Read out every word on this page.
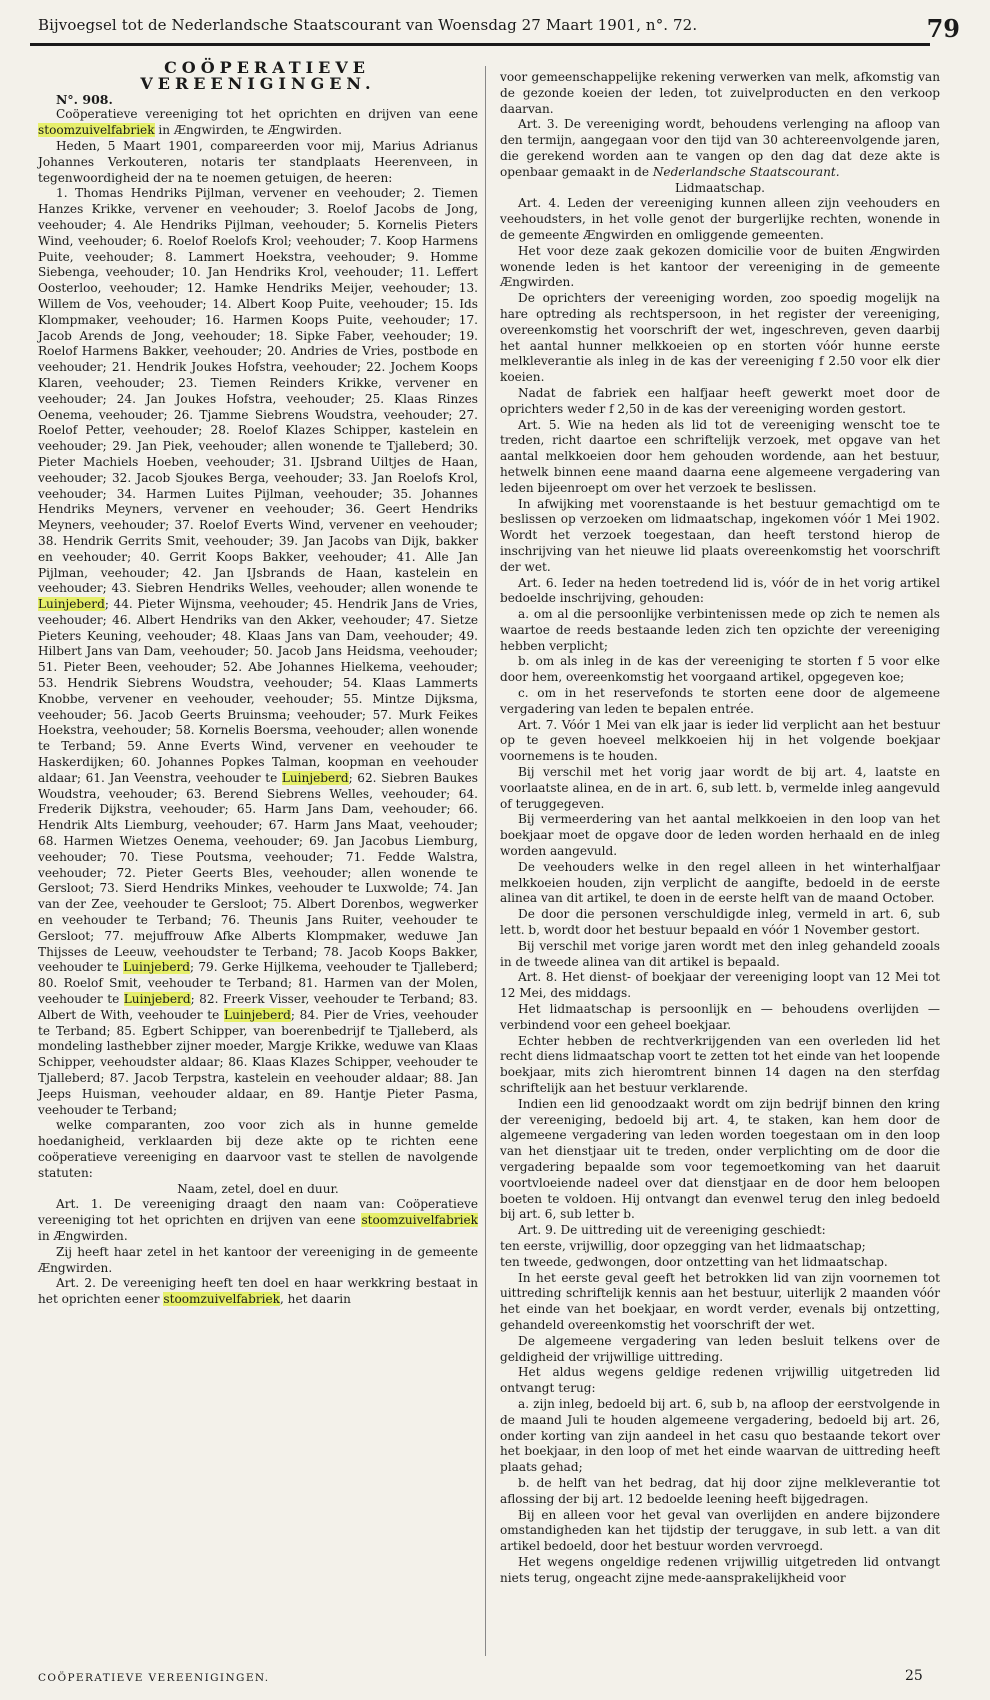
Bijvoegsel tot de Nederlandsche Staatscourant van Woensdag 27 Maart 1901, n°. 72.	79

COÖPERATIEVE VEREENIGINGEN.

N°. 908.

Coöperatieve vereeniging tot het oprichten en drijven van eene stoomzuivelfabriek in Ængwirden, te Ængwirden.

Heden, 5 Maart 1901, compareerden voor mij, Marius Adrianus Johannes Verkouteren, notaris ter standplaats Heerenveen, in tegenwoordigheid der na te noemen getuigen, de heeren:

1. Thomas Hendriks Pijlman, vervener en veehouder; 2. Tiemen Hanzes Krikke, vervener en veehouder; 3. Roelof Jacobs de Jong, veehouder; 4. Ale Hendriks Pijlman, veehouder; 5. Kornelis Pieters Wind, veehouder; 6. Roelof Roelofs Krol; veehouder; 7. Koop Harmens Puite, veehouder; 8. Lammert Hoekstra, veehouder; 9. Homme Siebenga, veehouder; 10. Jan Hendriks Krol, veehouder; 11. Leffert Oosterloo, veehouder; 12. Hamke Hendriks Meijer, veehouder; 13. Willem de Vos, veehouder; 14. Albert Koop Puite, veehouder; 15. Ids Klompmaker, veehouder; 16. Harmen Koops Puite, veehouder; 17. Jacob Arends de Jong, veehouder; 18. Sipke Faber, veehouder; 19. Roelof Harmens Bakker, veehouder; 20. Andries de Vries, postbode en veehouder; 21. Hendrik Joukes Hofstra, veehouder; 22. Jochem Koops Klaren, veehouder; 23. Tiemen Reinders Krikke, vervener en veehouder; 24. Jan Joukes Hofstra, veehouder; 25. Klaas Rinzes Oenema, veehouder; 26. Tjamme Siebrens Woudstra, veehouder; 27. Roelof Petter, veehouder; 28. Roelof Klazes Schipper, kastelein en veehouder; 29. Jan Piek, veehouder; allen wonende te Tjalleberd; 30. Pieter Machiels Hoeben, veehouder; 31. IJsbrand Uiltjes de Haan, veehouder; 32. Jacob Sjoukes Berga, veehouder; 33. Jan Roelofs Krol, veehouder; 34. Harmen Luites Pijlman, veehouder; 35. Johannes Hendriks Meyners, vervener en veehouder; 36. Geert Hendriks Meyners, veehouder; 37. Roelof Everts Wind, vervener en veehouder; 38. Hendrik Gerrits Smit, veehouder; 39. Jan Jacobs van Dijk, bakker en veehouder; 40. Gerrit Koops Bakker, veehouder; 41. Alle Jan Pijlman, veehouder; 42. Jan IJsbrands de Haan, kastelein en veehouder; 43. Siebren Hendriks Welles, veehouder; allen wonende te Luinjeberd; 44. Pieter Wijnsma, veehouder; 45. Hendrik Jans de Vries, veehouder; 46. Albert Hendriks van den Akker, veehouder; 47. Sietze Pieters Keuning, veehouder; 48. Klaas Jans van Dam, veehouder; 49. Hilbert Jans van Dam, veehouder; 50. Jacob Jans Heidsma, veehouder; 51. Pieter Been, veehouder; 52. Abe Johannes Hielkema, veehouder; 53. Hendrik Siebrens Woudstra, veehouder; 54. Klaas Lammerts Knobbe, vervener en veehouder, veehouder; 55. Mintze Dijksma, veehouder; 56. Jacob Geerts Bruinsma; veehouder; 57. Murk Feikes Hoekstra, veehouder; 58. Kornelis Boersma, veehouder; allen wonende te Terband; 59. Anne Everts Wind, vervener en veehouder te Haskerdijken; 60. Johannes Popkes Talman, koopman en veehouder aldaar; 61. Jan Veenstra, veehouder te Luinjeberd; 62. Siebren Baukes Woudstra, veehouder; 63. Berend Siebrens Welles, veehouder; 64. Frederik Dijkstra, veehouder; 65. Harm Jans Dam, veehouder; 66. Hendrik Alts Liemburg, veehouder; 67. Harm Jans Maat, veehouder; 68. Harmen Wietzes Oenema, veehouder; 69. Jan Jacobus Liemburg, veehouder; 70. Tiese Poutsma, veehouder; 71. Fedde Walstra, veehouder; 72. Pieter Geerts Bles, veehouder; allen wonende te Gersloot; 73. Sierd Hendriks Minkes, veehouder te Luxwolde; 74. Jan van der Zee, veehouder te Gersloot; 75. Albert Dorenbos, wegwerker en veehouder te Terband; 76. Theunis Jans Ruiter, veehouder te Gersloot; 77. mejuffrouw Afke Alberts Klompmaker, weduwe Jan Thijsses de Leeuw, veehoudster te Terband; 78. Jacob Koops Bakker, veehouder te Luinjeberd; 79. Gerke Hijlkema, veehouder te Tjalleberd; 80. Roelof Smit, veehouder te Terband; 81. Harmen van der Molen, veehouder te Luinjeberd; 82. Freerk Visser, veehouder te Terband; 83. Albert de With, veehouder te Luinjeberd; 84. Pier de Vries, veehouder te Terband; 85. Egbert Schipper, van boerenbedrijf te Tjalleberd, als mondeling lasthebber zijner moeder, Margje Krikke, weduwe van Klaas Schipper, veehoudster aldaar; 86. Klaas Klazes Schipper, veehouder te Tjalleberd; 87. Jacob Terpstra, kastelein en veehouder aldaar; 88. Jan Jeeps Huisman, veehouder aldaar, en 89. Hantje Pieter Pasma, veehouder te Terband;

welke comparanten, zoo voor zich als in hunne gemelde hoedanigheid, verklaarden bij deze akte op te richten eene coöperatieve vereeniging en daarvoor vast te stellen de navolgende statuten:

Naam, zetel, doel en duur.

Art. 1. De vereeniging draagt den naam van: Coöperatieve vereeniging tot het oprichten en drijven van eene stoomzuivelfabriek in Ængwirden.

Zij heeft haar zetel in het kantoor der vereeniging in de gemeente Ængwirden.

Art. 2. De vereeniging heeft ten doel en haar werkkring bestaat in het oprichten eener stoomzuivelfabriek, het daarin

voor gemeenschappelijke rekening verwerken van melk, afkomstig van de gezonde koeien der leden, tot zuivelproducten en den verkoop daarvan.

Art. 3. De vereeniging wordt, behoudens verlenging na afloop van den termijn, aangegaan voor den tijd van 30 achtereenvolgende jaren, die gerekend worden aan te vangen op den dag dat deze akte is openbaar gemaakt in de Nederlandsche Staatscourant.

Lidmaatschap.

Art. 4. Leden der vereeniging kunnen alleen zijn veehouders en veehoudsters, in het volle genot der burgerlijke rechten, wonende in de gemeente Ængwirden en omliggende gemeenten.

Het voor deze zaak gekozen domicilie voor de buiten Ængwirden wonende leden is het kantoor der vereeniging in de gemeente Ængwirden.

De oprichters der vereeniging worden, zoo spoedig mogelijk na hare optreding als rechtspersoon, in het register der vereeniging, overeenkomstig het voorschrift der wet, ingeschreven, geven daarbij het aantal hunner melkkoeien op en storten vóór hunne eerste melkleverantie als inleg in de kas der vereeniging f 2.50 voor elk dier koeien.

Nadat de fabriek een halfjaar heeft gewerkt moet door de oprichters weder f 2,50 in de kas der vereeniging worden gestort.

Art. 5. Wie na heden als lid tot de vereeniging wenscht toe te treden, richt daartoe een schriftelijk verzoek, met opgave van het aantal melkkoeien door hem gehouden wordende, aan het bestuur, hetwelk binnen eene maand daarna eene algemeene vergadering van leden bijeenroept om over het verzoek te beslissen.

In afwijking met voorenstaande is het bestuur gemachtigd om te beslissen op verzoeken om lidmaatschap, ingekomen vóór 1 Mei 1902. Wordt het verzoek toegestaan, dan heeft terstond hierop de inschrijving van het nieuwe lid plaats overeenkomstig het voorschrift der wet.

Art. 6. Ieder na heden toetredend lid is, vóór de in het vorig artikel bedoelde inschrijving, gehouden:

a. om al die persoonlijke verbintenissen mede op zich te nemen als waartoe de reeds bestaande leden zich ten opzichte der vereeniging hebben verplicht;

b. om als inleg in de kas der vereeniging te storten f 5 voor elke door hem, overeenkomstig het voorgaand artikel, opgegeven koe;

c. om in het reservefonds te storten eene door de algemeene vergadering van leden te bepalen entrée.

Art. 7. Vóór 1 Mei van elk jaar is ieder lid verplicht aan het bestuur op te geven hoeveel melkkoeien hij in het volgende boekjaar voornemens is te houden.

Bij verschil met het vorig jaar wordt de bij art. 4, laatste en voorlaatste alinea, en de in art. 6, sub lett. b, vermelde inleg aangevuld of teruggegeven.

Bij vermeerdering van het aantal melkkoeien in den loop van het boekjaar moet de opgave door de leden worden herhaald en de inleg worden aangevuld.

De veehouders welke in den regel alleen in het winterhalfjaar melkkoeien houden, zijn verplicht de aangifte, bedoeld in de eerste alinea van dit artikel, te doen in de eerste helft van de maand October.

De door die personen verschuldigde inleg, vermeld in art. 6, sub lett. b, wordt door het bestuur bepaald en vóór 1 November gestort.

Bij verschil met vorige jaren wordt met den inleg gehandeld zooals in de tweede alinea van dit artikel is bepaald.

Art. 8. Het dienst- of boekjaar der vereeniging loopt van 12 Mei tot 12 Mei, des middags.

Het lidmaatschap is persoonlijk en — behoudens overlijden — verbindend voor een geheel boekjaar.

Echter hebben de rechtverkrijgenden van een overleden lid het recht diens lidmaatschap voort te zetten tot het einde van het loopende boekjaar, mits zich hieromtrent binnen 14 dagen na den sterfdag schriftelijk aan het bestuur verklarende.

Indien een lid genoodzaakt wordt om zijn bedrijf binnen den kring der vereeniging, bedoeld bij art. 4, te staken, kan hem door de algemeene vergadering van leden worden toegestaan om in den loop van het dienstjaar uit te treden, onder verplichting om de door die vergadering bepaalde som voor tegemoetkoming van het daaruit voortvloeiende nadeel over dat dienstjaar en de door hem beloopen boeten te voldoen. Hij ontvangt dan evenwel terug den inleg bedoeld bij art. 6, sub letter b.

Art. 9. De uittreding uit de vereeniging geschiedt:

ten eerste, vrijwillig, door opzegging van het lidmaatschap;

ten tweede, gedwongen, door ontzetting van het lidmaatschap.

In het eerste geval geeft het betrokken lid van zijn voornemen tot uittreding schriftelijk kennis aan het bestuur, uiterlijk 2 maanden vóór het einde van het boekjaar, en wordt verder, evenals bij ontzetting, gehandeld overeenkomstig het voorschrift der wet.

De algemeene vergadering van leden besluit telkens over de geldigheid der vrijwillige uittreding.

Het aldus wegens geldige redenen vrijwillig uitgetreden lid ontvangt terug:

a. zijn inleg, bedoeld bij art. 6, sub b, na afloop der eerstvolgende in de maand Juli te houden algemeene vergadering, bedoeld bij art. 26, onder korting van zijn aandeel in het casu quo bestaande tekort over het boekjaar, in den loop of met het einde waarvan de uittreding heeft plaats gehad;

b. de helft van het bedrag, dat hij door zijne melkleverantie tot aflossing der bij art. 12 bedoelde leening heeft bijgedragen.

Bij en alleen voor het geval van overlijden en andere bijzondere omstandigheden kan het tijdstip der teruggave, in sub lett. a van dit artikel bedoeld, door het bestuur worden vervroegd.

Het wegens ongeldige redenen vrijwillig uitgetreden lid ontvangt niets terug, ongeacht zijne mede-aansprakelijkheid voor

COÖPERATIEVE VEREENIGINGEN.	25
